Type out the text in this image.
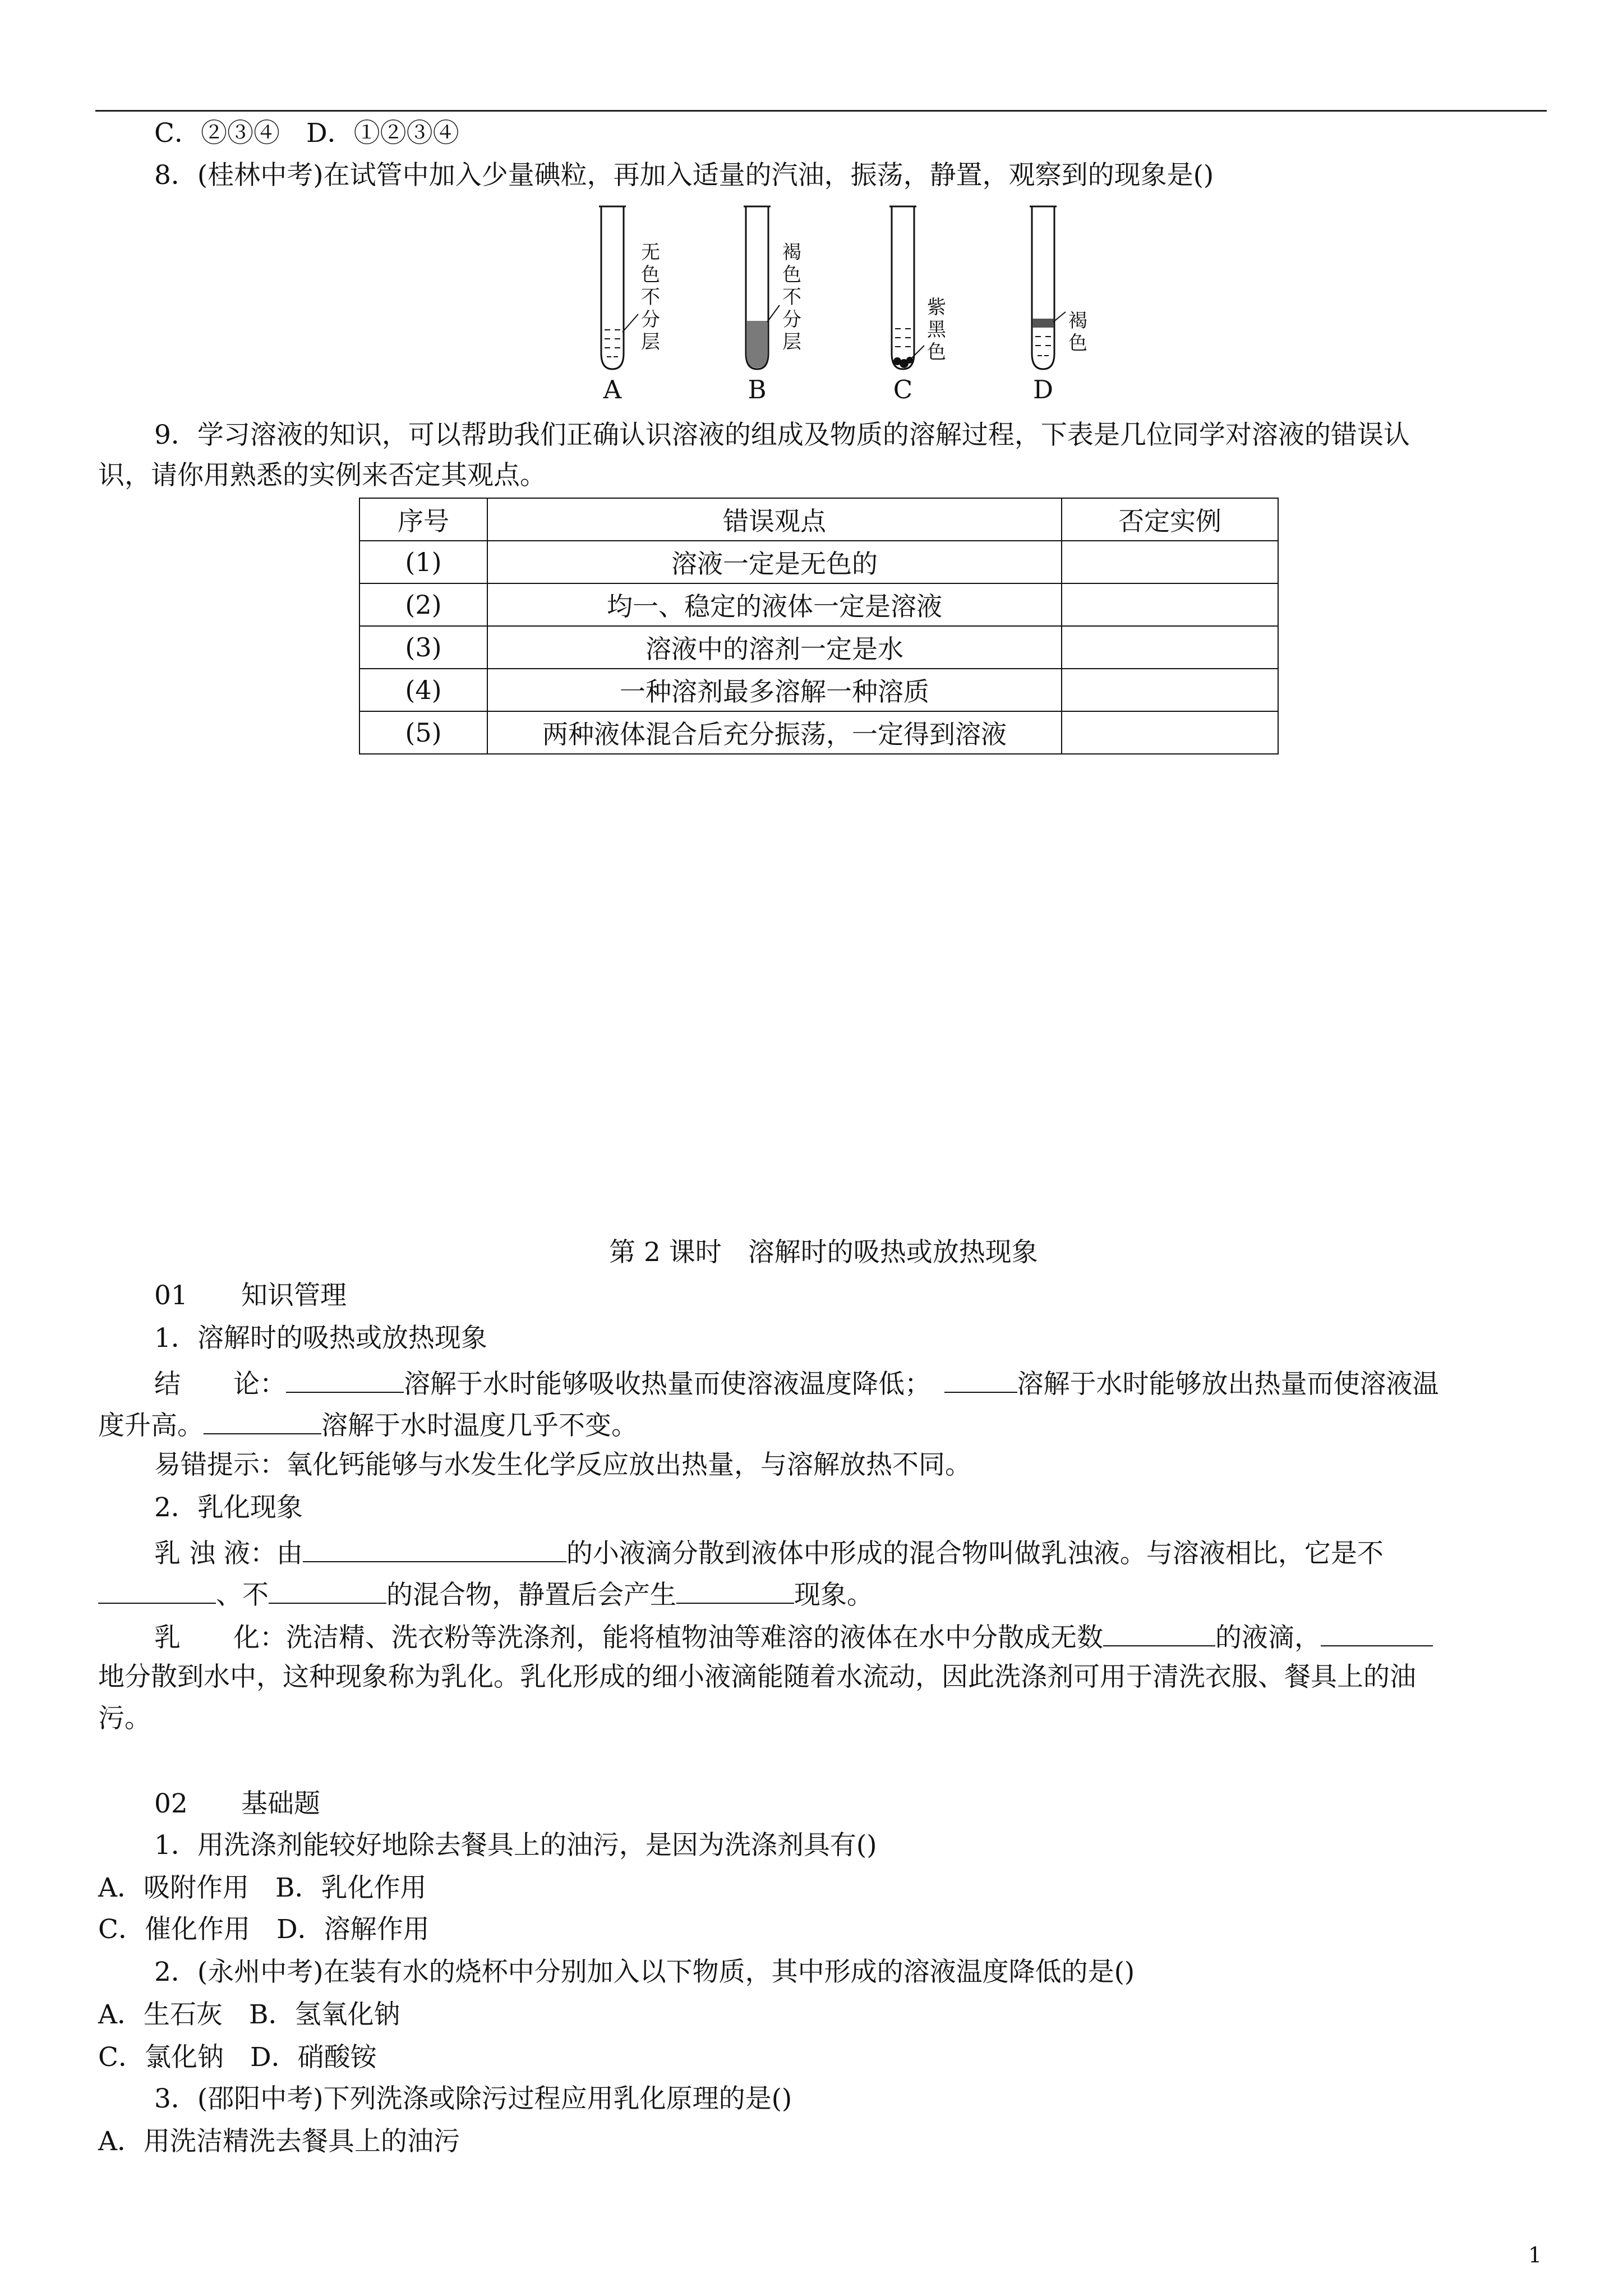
C．②③④　D．①②③④
8．(桂林中考)在试管中加入少量碘粒，再加入适量的汽油，振荡，静置，观察到的现象是()
无色不分层
褐色不分层
紫黑色
褐色
A	B	C	D
9．学习溶液的知识，可以帮助我们正确认识溶液的组成及物质的溶解过程，下表是几位同学对溶液的错误认
识，请你用熟悉的实例来否定其观点。
序号	错误观点	否定实例
(1)	溶液一定是无色的	
(2)	均一、稳定的液体一定是溶液	
(3)	溶液中的溶剂一定是水	
(4)	一种溶剂最多溶解一种溶质	
(5)	两种液体混合后充分振荡，一定得到溶液	
第 2 课时　溶解时的吸热或放热现象
01 知识管理
1．溶解时的吸热或放热现象
结　　论：	溶解于水时能够吸收热量而使溶液温度降低；　	溶解于水时能够放出热量而使溶液温
度升高。	溶解于水时温度几乎不变。
易错提示：氧化钙能够与水发生化学反应放出热量，与溶解放热不同。
2．乳化现象
乳 浊 液：由	的小液滴分散到液体中形成的混合物叫做乳浊液。与溶液相比，它是不
、不	的混合物，静置后会产生	现象。
乳　　化：洗洁精、洗衣粉等洗涤剂，能将植物油等难溶的液体在水中分散成无数	的液滴，
地分散到水中，这种现象称为乳化。乳化形成的细小液滴能随着水流动，因此洗涤剂可用于清洗衣服、餐具上的油
污。
02 基础题
1．用洗涤剂能较好地除去餐具上的油污，是因为洗涤剂具有()
A．吸附作用　B．乳化作用
C．催化作用　D．溶解作用
2．(永州中考)在装有水的烧杯中分别加入以下物质，其中形成的溶液温度降低的是()
A．生石灰　B．氢氧化钠
C．氯化钠　D．硝酸铵
3．(邵阳中考)下列洗涤或除污过程应用乳化原理的是()
A．用洗洁精洗去餐具上的油污
1
